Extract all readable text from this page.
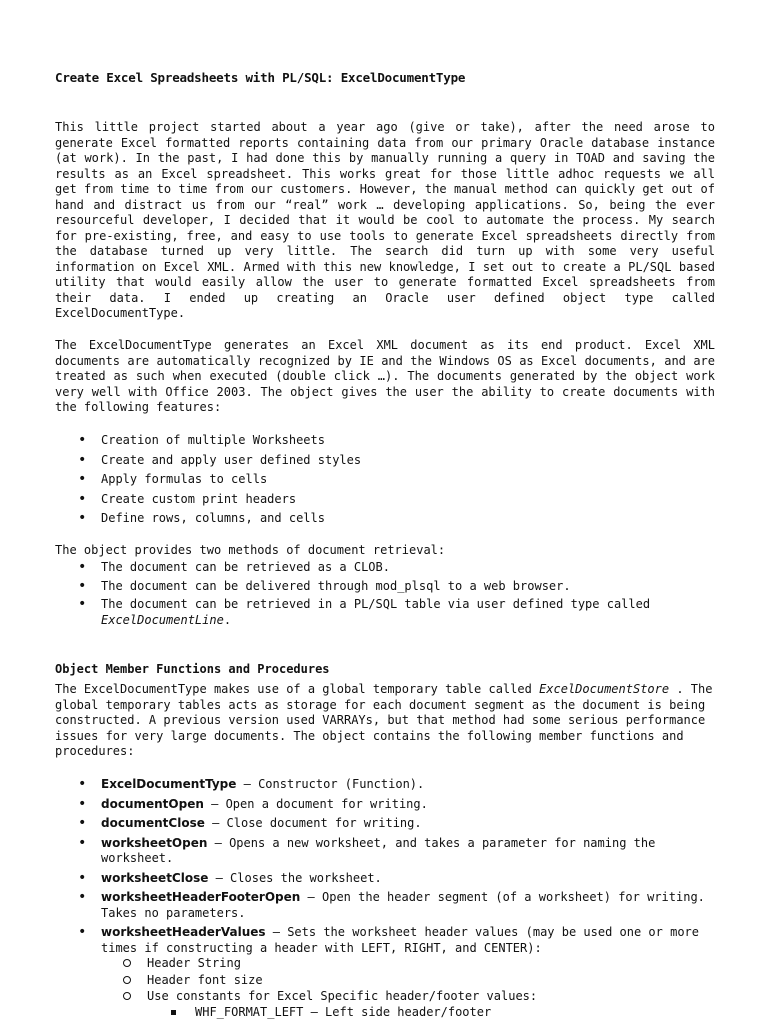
Create Excel Spreadsheets with PL/SQL: ExcelDocumentType

This little project started about a year ago (give or take), after the need arose to generate Excel formatted reports containing data from our primary Oracle database instance (at work). In the past, I had done this by manually running a query in TOAD and saving the results as an Excel spreadsheet. This works great for those little adhoc requests we all get from time to time from our customers. However, the manual method can quickly get out of hand and distract us from our “real” work … developing applications. So, being the ever resourceful developer, I decided that it would be cool to automate the process. My search for pre-existing, free, and easy to use tools to generate Excel spreadsheets directly from the database turned up very little. The search did turn up with some very useful information on Excel XML. Armed with this new knowledge, I set out to create a PL/SQL based utility that would easily allow the user to generate formatted Excel spreadsheets from their data. I ended up creating an Oracle user defined object type called ExcelDocumentType.

The ExcelDocumentType generates an Excel XML document as its end product. Excel XML documents are automatically recognized by IE and the Windows OS as Excel documents, and are treated as such when executed (double click …). The documents generated by the object work very well with Office 2003. The object gives the user the ability to create documents with the following features:

• Creation of multiple Worksheets
• Create and apply user defined styles
• Apply formulas to cells
• Create custom print headers
• Define rows, columns, and cells

The object provides two methods of document retrieval:

• The document can be retrieved as a CLOB.
• The document can be delivered through mod_plsql to a web browser.
• The document can be retrieved in a PL/SQL table via user defined type called ExcelDocumentLine.
Object Member Functions and Procedures

The ExcelDocumentType makes use of a global temporary table called ExcelDocumentStore . The global temporary tables acts as storage for each document segment as the document is being constructed. A previous version used VARRAYs, but that method had some serious performance issues for very large documents. The object contains the following member functions and procedures:

• ExcelDocumentType – Constructor (Function).
• documentOpen – Open a document for writing.
• documentClose – Close document for writing.
• worksheetOpen – Opens a new worksheet, and takes a parameter for naming the worksheet.
• worksheetClose – Closes the worksheet.
• worksheetHeaderFooterOpen – Open the header segment (of a worksheet) for writing. Takes no parameters.
• worksheetHeaderValues – Sets the worksheet header values (may be used one or more times if constructing a header with LEFT, RIGHT, and CENTER):
Header String
Header font size
Use constants for Excel Specific header/footer values:
WHF_FORMAT_LEFT – Left side header/footer
